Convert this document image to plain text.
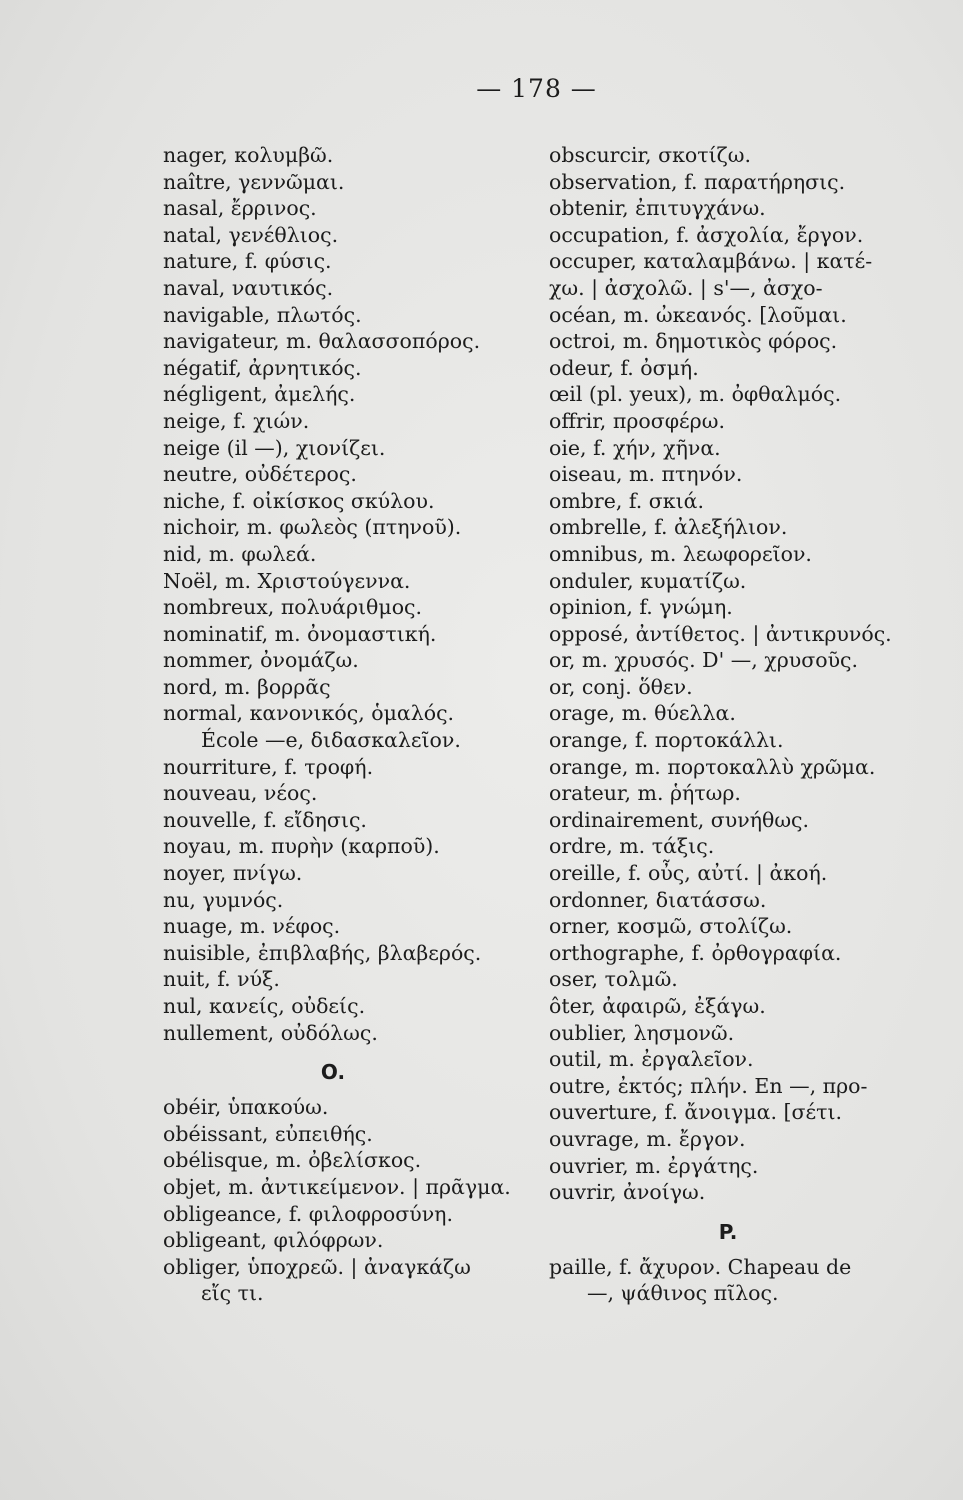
— 178 —
nager, κολυμβῶ.
naître, γεννῶμαι.
nasal, ἔρρινος.
natal, γενέθλιος.
nature, f. φύσις.
naval, ναυτικός.
navigable, πλωτός.
navigateur, m. θαλασσοπόρος.
négatif, ἀρνητικός.
négligent, ἀμελής.
neige, f. χιών.
neige (il —), χιονίζει.
neutre, οὐδέτερος.
niche, f. οἰκίσκος σκύλου.
nichoir, m. φωλεὸς (πτηνοῦ).
nid, m. φωλεά.
Noël, m. Χριστούγεννα.
nombreux, πολυάριθμος.
nominatif, m. ὀνομαστική.
nommer, ὀνομάζω.
nord, m. βορρᾶς
normal, κανονικός, ὁμαλός.
École —e, διδασκαλεῖον.
nourriture, f. τροφή.
nouveau, νέος.
nouvelle, f. εἴδησις.
noyau, m. πυρὴν (καρποῦ).
noyer, πνίγω.
nu, γυμνός.
nuage, m. νέφος.
nuisible, ἐπιβλαβής, βλαβερός.
nuit, f. νύξ.
nul, κανείς, οὐδείς.
nullement, οὐδόλως.
O.
obéir, ὑπακούω.
obéissant, εὐπειθής.
obélisque, m. ὀβελίσκος.
objet, m. ἀντικείμενον. | πρᾶγμα.
obligeance, f. φιλοφροσύνη.
obligeant, φιλόφρων.
obliger, ὑποχρεῶ. | ἀναγκάζω
εἴς τι.
obscurcir, σκοτίζω.
observation, f. παρατήρησις.
obtenir, ἐπιτυγχάνω.
occupation, f. ἀσχολία, ἔργον.
occuper, καταλαμβάνω. | κατέ-
χω. | ἀσχολῶ. | s'—, ἀσχο-
océan, m. ὠκεανός. [λοῦμαι.
octroi, m. δημοτικὸς φόρος.
odeur, f. ὀσμή.
œil (pl. yeux), m. ὀφθαλμός.
offrir, προσφέρω.
oie, f. χήν, χῆνα.
oiseau, m. πτηνόν.
ombre, f. σκιά.
ombrelle, f. ἀλεξήλιον.
omnibus, m. λεωφορεῖον.
onduler, κυματίζω.
opinion, f. γνώμη.
opposé, ἀντίθετος. | ἀντικρυνός.
or, m. χρυσός. D' —, χρυσοῦς.
or, conj. ὅθεν.
orage, m. θύελλα.
orange, f. πορτοκάλλι.
orange, m. πορτοκαλλὺ χρῶμα.
orateur, m. ῥήτωρ.
ordinairement, συνήθως.
ordre, m. τάξις.
oreille, f. οὖς, αὐτί. | ἀκοή.
ordonner, διατάσσω.
orner, κοσμῶ, στολίζω.
orthographe, f. ὀρθογραφία.
oser, τολμῶ.
ôter, ἀφαιρῶ, ἐξάγω.
oublier, λησμονῶ.
outil, m. ἐργαλεῖον.
outre, ἐκτός; πλήν. En —, προ-
ouverture, f. ἄνοιγμα. [σέτι.
ouvrage, m. ἔργον.
ouvrier, m. ἐργάτης.
ouvrir, ἀνοίγω.
P.
paille, f. ἄχυρον. Chapeau de
—, ψάθινος πῖλος.
